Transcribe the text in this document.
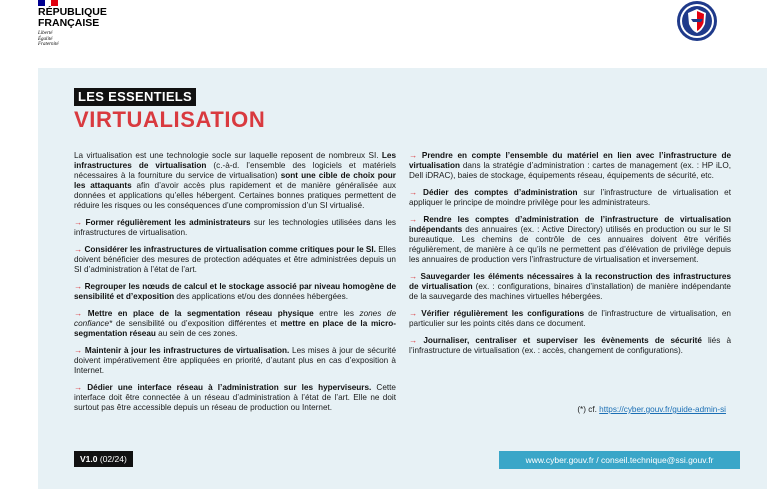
RÉPUBLIQUE
FRANÇAISE
Liberté
Égalité
Fraternité
LES ESSENTIELS
VIRTUALISATION

La virtualisation est une technologie socle sur laquelle reposent de nombreux SI. Les infrastructures de virtualisation (c.-à-d. l’ensemble des logiciels et matériels nécessaires à la fourniture du service de virtualisation) sont une cible de choix pour les attaquants afin d’avoir accès plus rapidement et de manière généralisée aux données et applications qu’elles hébergent. Certaines bonnes pratiques permettent de réduire les risques ou les conséquences d’une compromission d’un SI virtualisé.

→ Former régulièrement les administrateurs sur les technologies utilisées dans les infrastructures de virtualisation.

→ Considérer les infrastructures de virtualisation comme critiques pour le SI. Elles doivent bénéficier des mesures de protection adéquates et être administrées depuis un SI d’administration à l’état de l’art.

→ Regrouper les nœuds de calcul et le stockage associé par niveau homogène de sensibilité et d’exposition des applications et/ou des données hébergées.

→ Mettre en place de la segmentation réseau physique entre les zones de confiance* de sensibilité ou d’exposition différentes et mettre en place de la micro-segmentation réseau au sein de ces zones.

→ Maintenir à jour les infrastructures de virtualisation. Les mises à jour de sécurité doivent impérativement être appliquées en priorité, d’autant plus en cas d’exposition à Internet.

→ Dédier une interface réseau à l’administration sur les hyperviseurs. Cette interface doit être connectée à un réseau d’administration à l’état de l’art. Elle ne doit surtout pas être accessible depuis un réseau de production ou Internet.

→ Prendre en compte l’ensemble du matériel en lien avec l’infrastructure de virtualisation dans la stratégie d’administration : cartes de management (ex. : HP iLO, Dell iDRAC), baies de stockage, équipements réseau, équipements de sécurité, etc.

→ Dédier des comptes d’administration sur l’infrastructure de virtualisation et appliquer le principe de moindre privilège pour les administrateurs.

→ Rendre les comptes d’administration de l’infrastructure de virtualisation indépendants des annuaires (ex. : Active Directory) utilisés en production ou sur le SI bureautique. Les chemins de contrôle de ces annuaires doivent être vérifiés régulièrement, de manière à ce qu’ils ne permettent pas d’élévation de privilège depuis les annuaires de production vers l’infrastructure de virtualisation et inversement.

→ Sauvegarder les éléments nécessaires à la reconstruction des infrastructures de virtualisation (ex. : configurations, binaires d’installation) de manière indépendante de la sauvegarde des machines virtuelles hébergées.

→ Vérifier régulièrement les configurations de l’infrastructure de virtualisation, en particulier sur les points cités dans ce document.

→ Journaliser, centraliser et superviser les évènements de sécurité liés à l’infrastructure de virtualisation (ex. : accès, changement de configurations).

(*) cf. https://cyber.gouv.fr/guide-admin-si
V1.0 (02/24)	www.cyber.gouv.fr / conseil.technique@ssi.gouv.fr
